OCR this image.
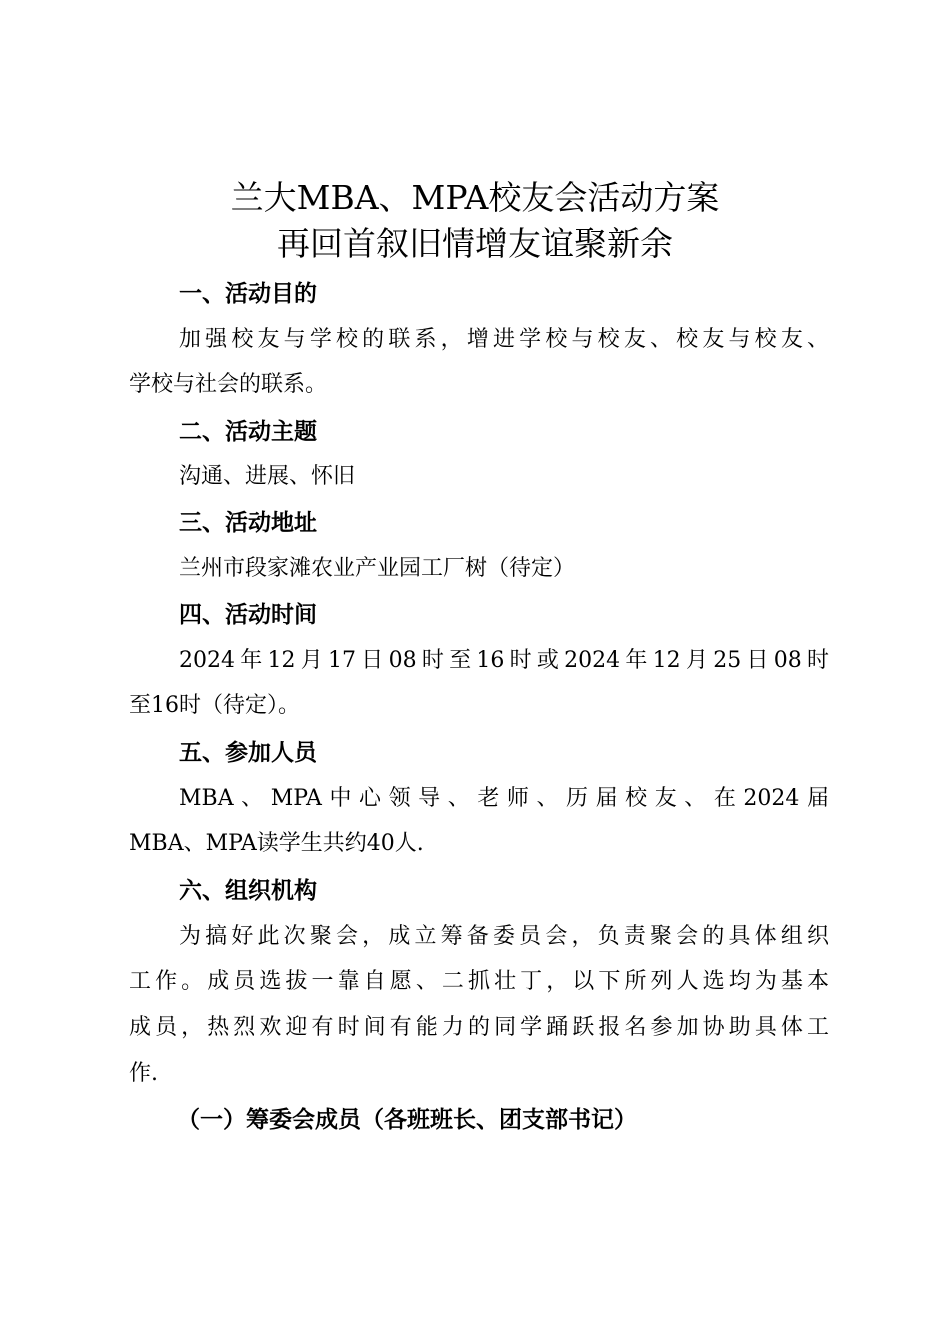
兰大MBA、MPA校友会活动方案
再回首叙旧情增友谊聚新余
一、活动目的
加强校友与学校的联系，增进学校与校友、校友与校友、
学校与社会的联系。
二、活动主题
沟通、进展、怀旧
三、活动地址
兰州市段家滩农业产业园工厂树（待定）
四、活动时间
2024年12月17日08时至16时或2024年12月25日08时
至16时（待定）。
五、参加人员
MBA、MPA中心领导、老师、历届校友、在2024届
MBA、MPA读学生共约40人.
六、组织机构
为搞好此次聚会，成立筹备委员会，负责聚会的具体组织
工作。成员选拔一靠自愿、二抓壮丁，以下所列人选均为基本
成员，热烈欢迎有时间有能力的同学踊跃报名参加协助具体工
作.
（一）筹委会成员（各班班长、团支部书记）
